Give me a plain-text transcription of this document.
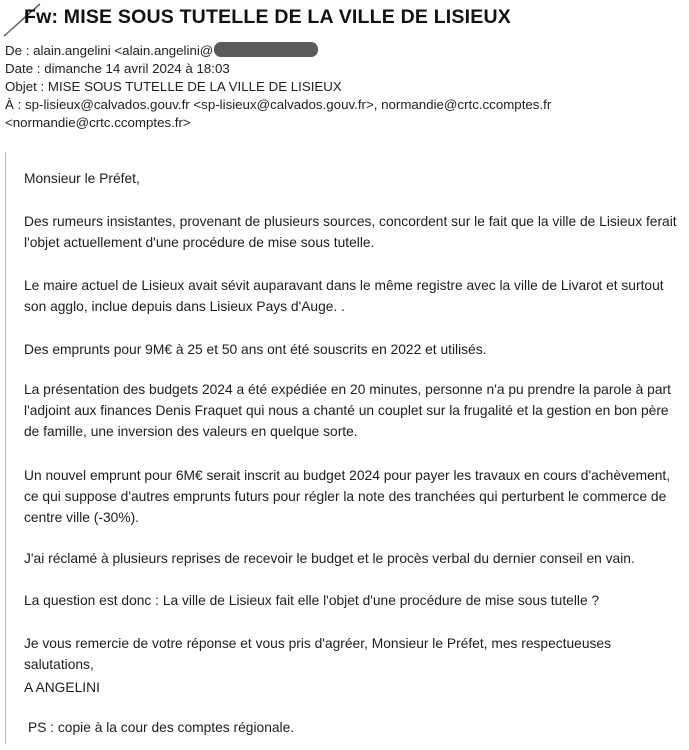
Fw: MISE SOUS TUTELLE DE LA VILLE DE LISIEUX
De : alain.angelini <alain.angelini@
Date : dimanche 14 avril 2024 à 18:03
Objet : MISE SOUS TUTELLE DE LA VILLE DE LISIEUX
À : sp-lisieux@calvados.gouv.fr <sp-lisieux@calvados.gouv.fr>, normandie@crtc.ccomptes.fr
<normandie@crtc.ccomptes.fr>

Monsieur le Préfet,

Des rumeurs insistantes, provenant de plusieurs sources, concordent sur le fait que la ville de Lisieux ferait
l'objet actuellement d'une procédure de mise sous tutelle.

Le maire actuel de Lisieux avait sévit auparavant dans le même registre avec la ville de Livarot et surtout
son agglo, inclue depuis dans Lisieux Pays d'Auge. .

Des emprunts pour 9M€ à 25 et 50 ans ont été souscrits en 2022 et utilisés.

La présentation des budgets 2024 a été expédiée en 20 minutes, personne n'a pu prendre la parole à part
l'adjoint aux finances Denis Fraquet qui nous a chanté un couplet sur la frugalité et la gestion en bon père
de famille, une inversion des valeurs en quelque sorte.

Un nouvel emprunt pour 6M€ serait inscrit au budget 2024 pour payer les travaux en cours d'achèvement,
ce qui suppose d'autres emprunts futurs pour régler la note des tranchées qui perturbent le commerce de
centre ville (-30%).

J'ai réclamé à plusieurs reprises de recevoir le budget et le procès verbal du dernier conseil en vain.

La question est donc : La ville de Lisieux fait elle l'objet d'une procédure de mise sous tutelle ?

Je vous remercie de votre réponse et vous pris d'agréer, Monsieur le Préfet, mes respectueuses
salutations,

A ANGELINI

PS : copie à la cour des comptes régionale.
